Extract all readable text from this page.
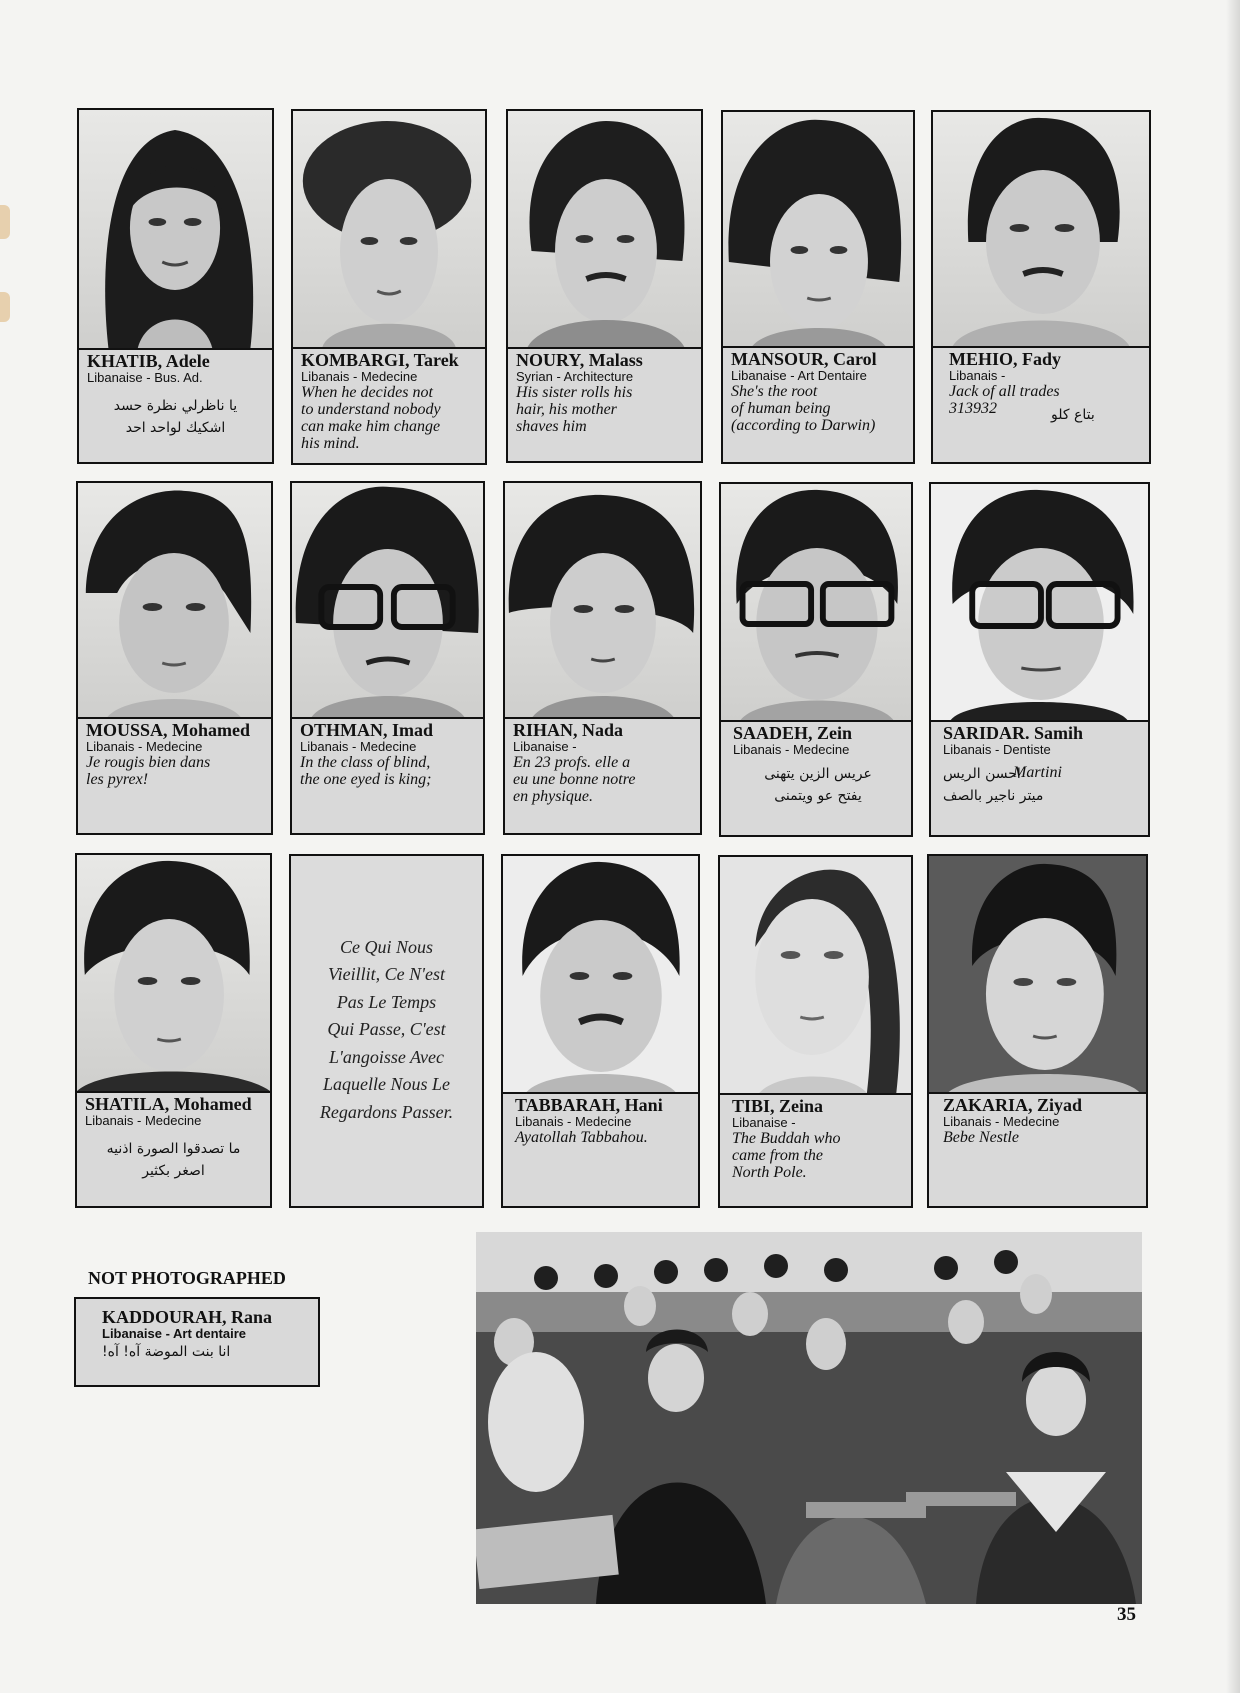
KHATIB, Adele
Libanaise - Bus. Ad.
يا ناظرلي نظرة حسد
اشكيك لواحد احد
KOMBARGI, Tarek
Libanais - Medecine
When he decides not
to understand nobody
can make him change
his mind.
NOURY, Malass
Syrian - Architecture
His sister rolls his
hair, his mother
shaves him
MANSOUR, Carol
Libanaise - Art Dentaire
She's the root
of human being
(according to Darwin)
MEHIO, Fady
Libanais -
Jack of all trades
313932	بتاع كلو
MOUSSA, Mohamed
Libanais - Medecine
Je rougis bien dans
les pyrex!
OTHMAN, Imad
Libanais - Medecine
In the class of blind,
the one eyed is king;
RIHAN, Nada
Libanaise -
En 23 profs. elle a
eu une bonne notre
en physique.
SAADEH, Zein
Libanais - Medecine
عريس الزين يتهنى
يفتح عو ويتمنى
SARIDAR. Samih
Libanais - Dentiste
Martini
احسن الريس
ميتر ناجير بالصف
SHATILA, Mohamed
Libanais - Medecine
ما تصدقوا الصورة اذنيه
اصغر بكثير
Ce Qui Nous
Vieillit, Ce N'est
Pas Le Temps
Qui Passe, C'est
L'angoisse Avec
Laquelle Nous Le
Regardons Passer.	TABBARAH, Hani
Libanais - Medecine
Ayatollah Tabbahou.
TIBI, Zeina
Libanaise -
The Buddah who
came from the
North Pole.
ZAKARIA, Ziyad
Libanais - Medecine
Bebe Nestle
NOT PHOTOGRAPHED
KADDOURAH, Rana
Libanaise - Art dentaire
انا بنت الموضة آه! آه!
35
